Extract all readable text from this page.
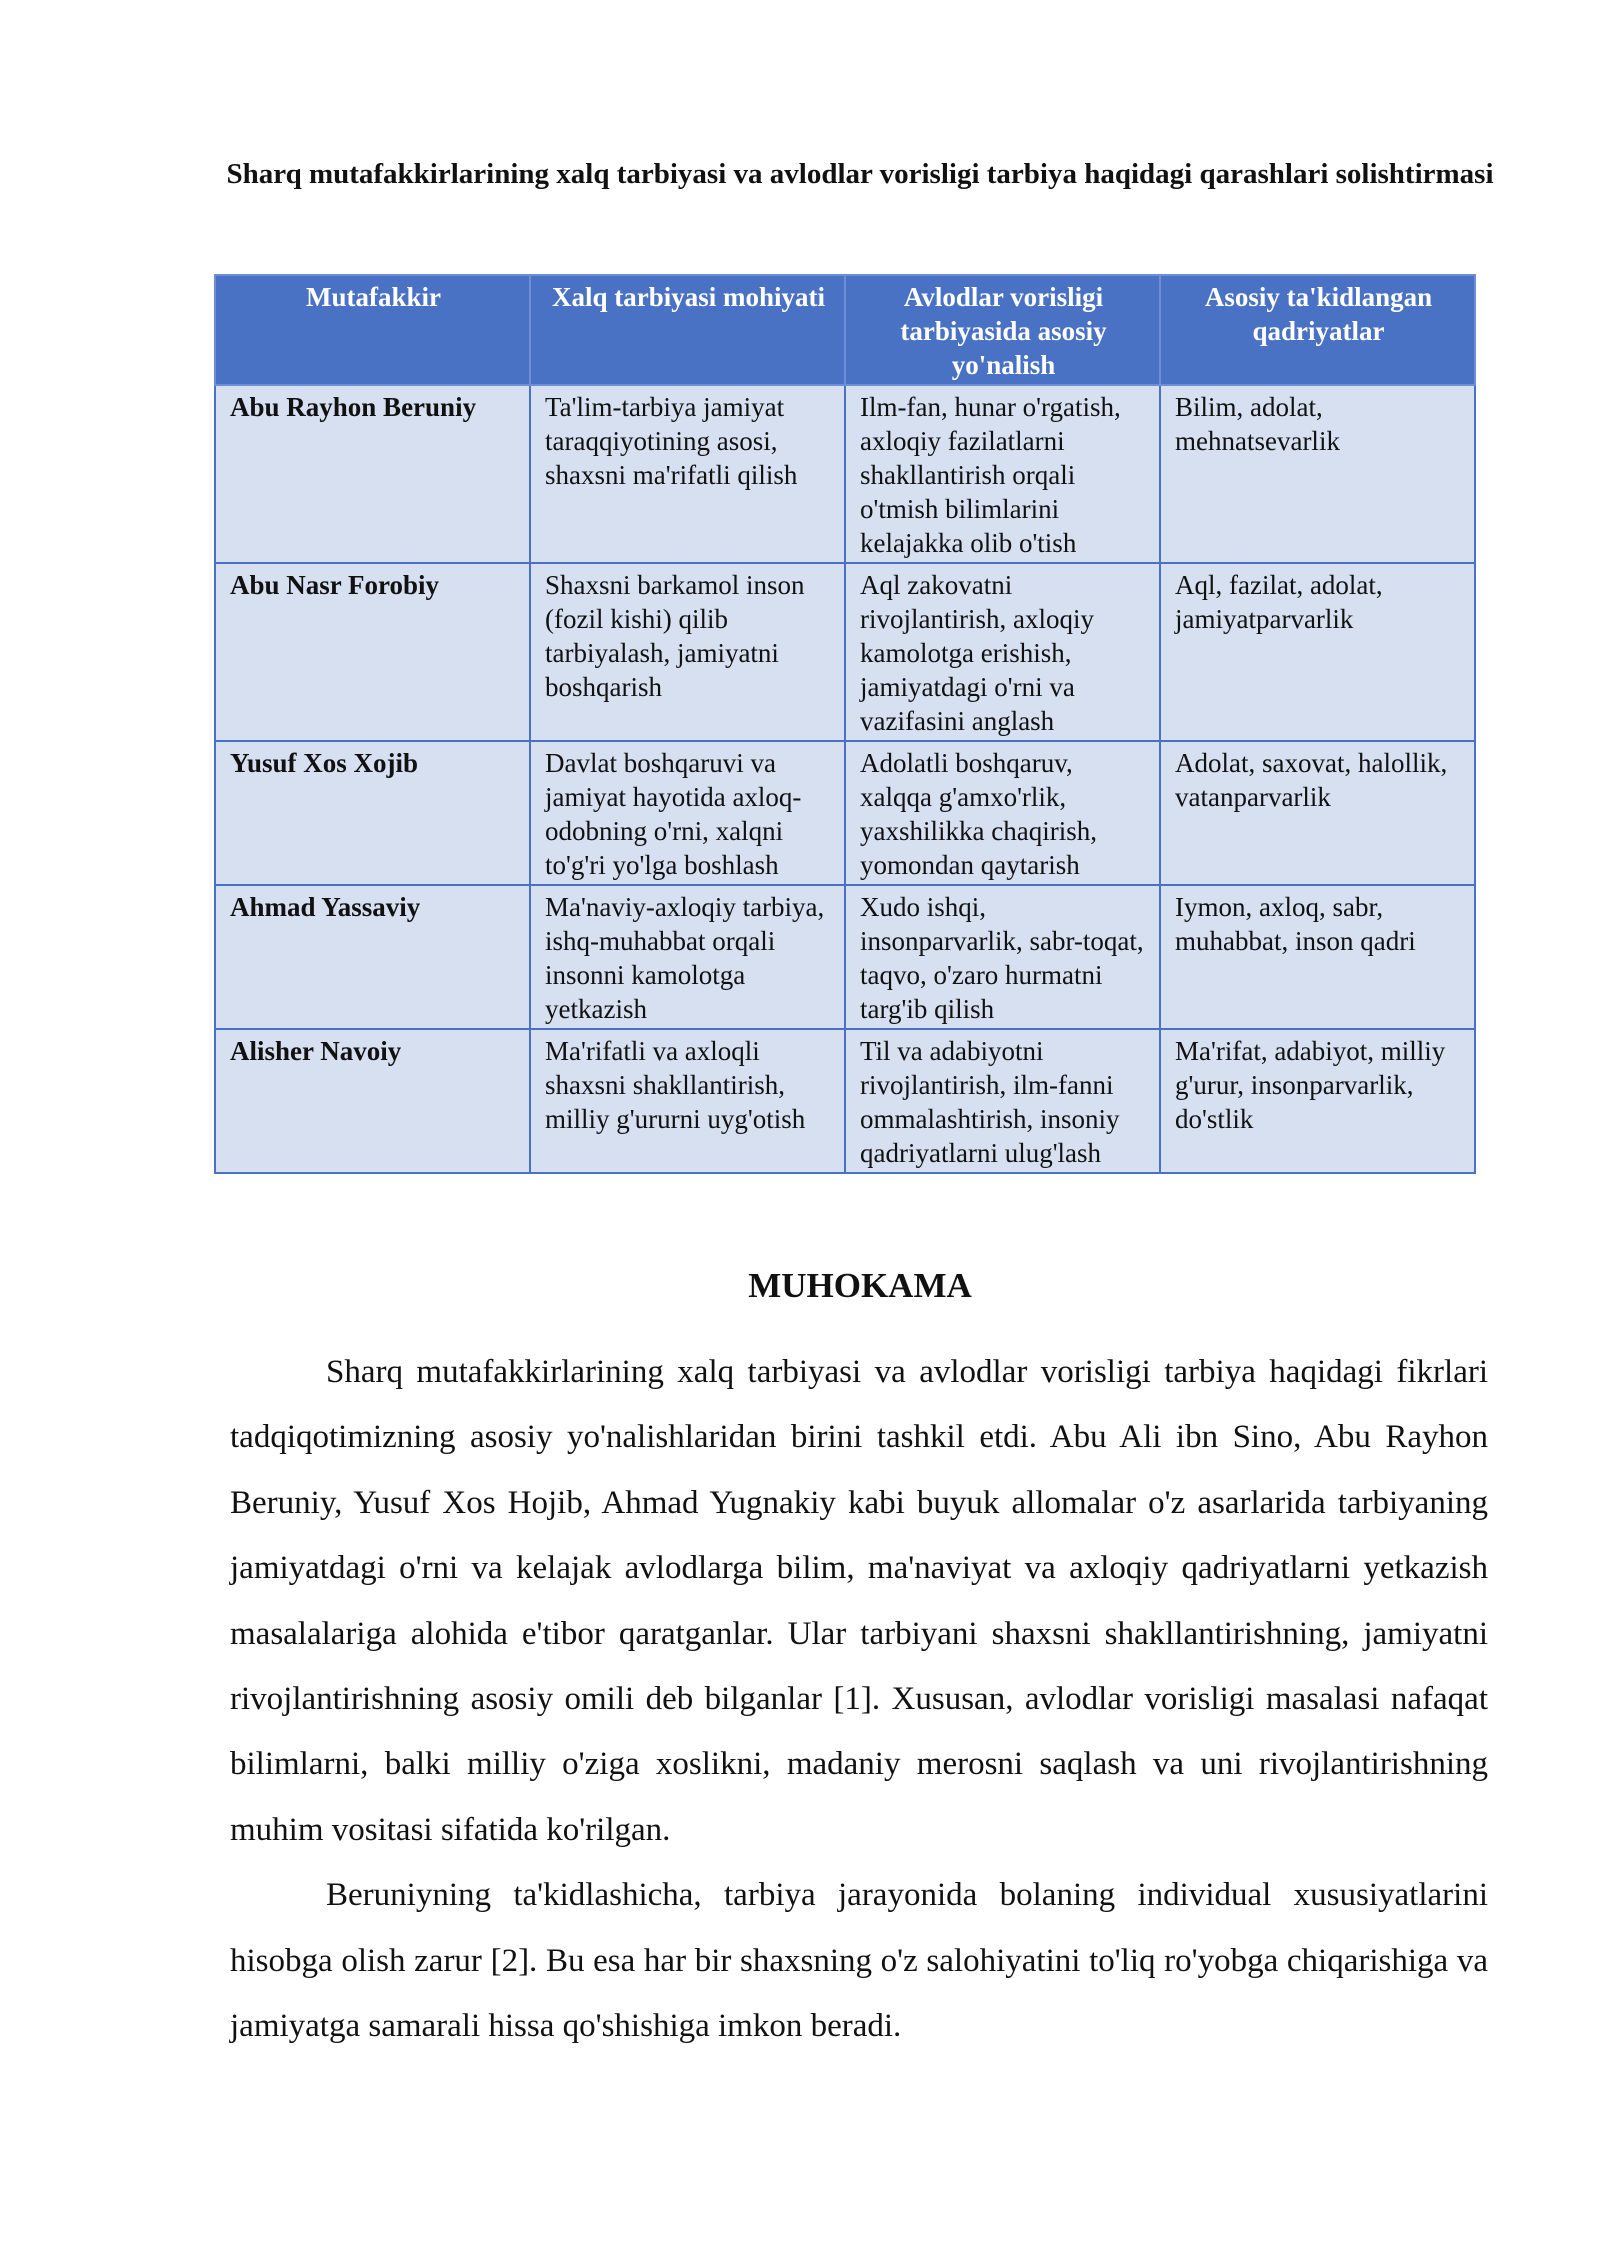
Sharq mutafakkirlarining xalq tarbiyasi va avlodlar vorisligi tarbiya haqidagi qarashlari solishtirmasi
Mutafakkir	Xalq tarbiyasi mohiyati	Avlodlar vorisligi tarbiyasida asosiy yo'nalish	Asosiy ta'kidlangan qadriyatlar
Abu Rayhon Beruniy	Ta'lim-tarbiya jamiyat taraqqiyotining asosi, shaxsni ma'rifatli qilish	Ilm-fan, hunar o'rgatish, axloqiy fazilatlarni shakllantirish orqali o'tmish bilimlarini kelajakka olib o'tish	Bilim, adolat, mehnatsevarlik
Abu Nasr Forobiy	Shaxsni barkamol inson (fozil kishi) qilib tarbiyalash, jamiyatni boshqarish	Aql zakovatni rivojlantirish, axloqiy kamolotga erishish, jamiyatdagi o'rni va vazifasini anglash	Aql, fazilat, adolat, jamiyatparvarlik
Yusuf Xos Xojib	Davlat boshqaruvi va jamiyat hayotida axloq-odobning o'rni, xalqni to'g'ri yo'lga boshlash	Adolatli boshqaruv, xalqqa g'amxo'rlik, yaxshilikka chaqirish, yomondan qaytarish	Adolat, saxovat, halollik, vatanparvarlik
Ahmad Yassaviy	Ma'naviy-axloqiy tarbiya, ishq-muhabbat orqali insonni kamolotga yetkazish	Xudo ishqi, insonparvarlik, sabr-toqat, taqvo, o'zaro hurmatni targ'ib qilish	Iymon, axloq, sabr, muhabbat, inson qadri
Alisher Navoiy	Ma'rifatli va axloqli shaxsni shakllantirish, milliy g'ururni uyg'otish	Til va adabiyotni rivojlantirish, ilm-fanni ommalashtirish, insoniy qadriyatlarni ulug'lash	Ma'rifat, adabiyot, milliy g'urur, insonparvarlik, do'stlik
MUHOKAMA

Sharq mutafakkirlarining xalq tarbiyasi va avlodlar vorisligi tarbiya haqidagi fikrlari tadqiqotimizning asosiy yo'nalishlaridan birini tashkil etdi. Abu Ali ibn Sino, Abu Rayhon Beruniy, Yusuf Xos Hojib, Ahmad Yugnakiy kabi buyuk allomalar o'z asarlarida tarbiyaning jamiyatdagi o'rni va kelajak avlodlarga bilim, ma'naviyat va axloqiy qadriyatlarni yetkazish masalalariga alohida e'tibor qaratganlar. Ular tarbiyani shaxsni shakllantirishning, jamiyatni rivojlantirishning asosiy omili deb bilganlar [1]. Xususan, avlodlar vorisligi masalasi nafaqat bilimlarni, balki milliy o'ziga xoslikni, madaniy merosni saqlash va uni rivojlantirishning muhim vositasi sifatida ko'rilgan.

Beruniyning ta'kidlashicha, tarbiya jarayonida bolaning individual xususiyatlarini hisobga olish zarur [2]. Bu esa har bir shaxsning o'z salohiyatini to'liq ro'yobga chiqarishiga va jamiyatga samarali hissa qo'shishiga imkon beradi.
